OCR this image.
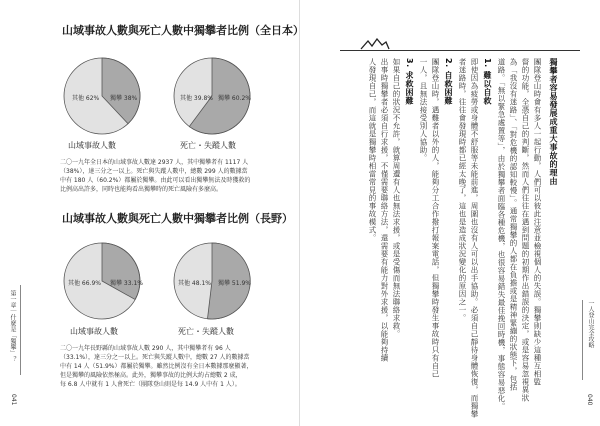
山域事故人數與死亡人數中獨攀者比例（全日本）
其他 62% 獨攀 38%	其他 39.8% 獨攀 60.2%
山域事故人數	死亡・失蹤人數
二〇一九年全日本的山域事故人數達 2937 人，其中獨攀者有 1117 人
（38%），達三分之一以上。死亡與失蹤人數中，總數 299 人的數據當
中有 180 人（60.2%）都屬於獨攀。由此可以看出獨攀無法及時獲救的
比例高出許多，同時也能夠看出獨攀時的死亡風險有多麼高。
山域事故人數與死亡人數中獨攀者比例（長野）
其他 66.9% 獨攀 33.1%	其他 48.1% 獨攀 51.9%
山域事故人數	死亡・失蹤人數
二〇一九年長野縣的山域事故人數 290 人，其中獨攀者有 96 人
（33.1%），達三分之一以上。死亡與失蹤人數中，總數 27 人的數據當
中有 14 人（51.9%）都屬於獨攀。雖然比例沒有全日本數據那麼顯著，
但是獨攀的風險依然極高。此外，獨攀事故的比例大約占總數 2 成，
每 6.8 人中就有 1 人會死亡（團隊登山則是每 14.9 人中有 1 人）。
第一章｜什麼是「獨攀」？
041
獨攀者容易發展成重大事故的理由
團隊登山時會有多人一起行動，人們可以彼此注意並檢視個人的失誤。獨攀則缺少這種互相監
督的功能，全憑自己的判斷，然而人們往往在遇到問題的初期作出錯誤的決定，或是容易忽視異狀
為「我沒有迷路」、「對危機的認知較慢」。通常獨攀的人都在負擔或是精神緊繃的狀態下，包括
道路。「無以緊急處置等」，由於獨攀者面臨各種危機，也很容易錯失最佳挽回時機，事態容易惡化。
1. 難以自救
即使因為疲勞或身體不舒服等未能前進，周圍也沒有人可以出手協助。必須自己靜待身體恢復，而獨攀
者迷路時，往往會發現時都已經太晚了，這也是造成狀況變化的原因之一。
2. 自救困難
團隊登山時，遇難者以外的人，能夠分工合作撥打報案電話，但獨攀時發生事故時只有自己
一人，且無法接受別人協助。
3. 求救困難
如果自己的狀況不允許，就算周遭有人也無法求援，或是受傷而無法聯絡求救。
出事時獨攀者必須自行求援，不僅需要聯絡方法，還需要有能力對外求援，以能夠持續
人發現自己，而這就是獨攀時相當常見的事故模式。
一人登山完全攻略
040
